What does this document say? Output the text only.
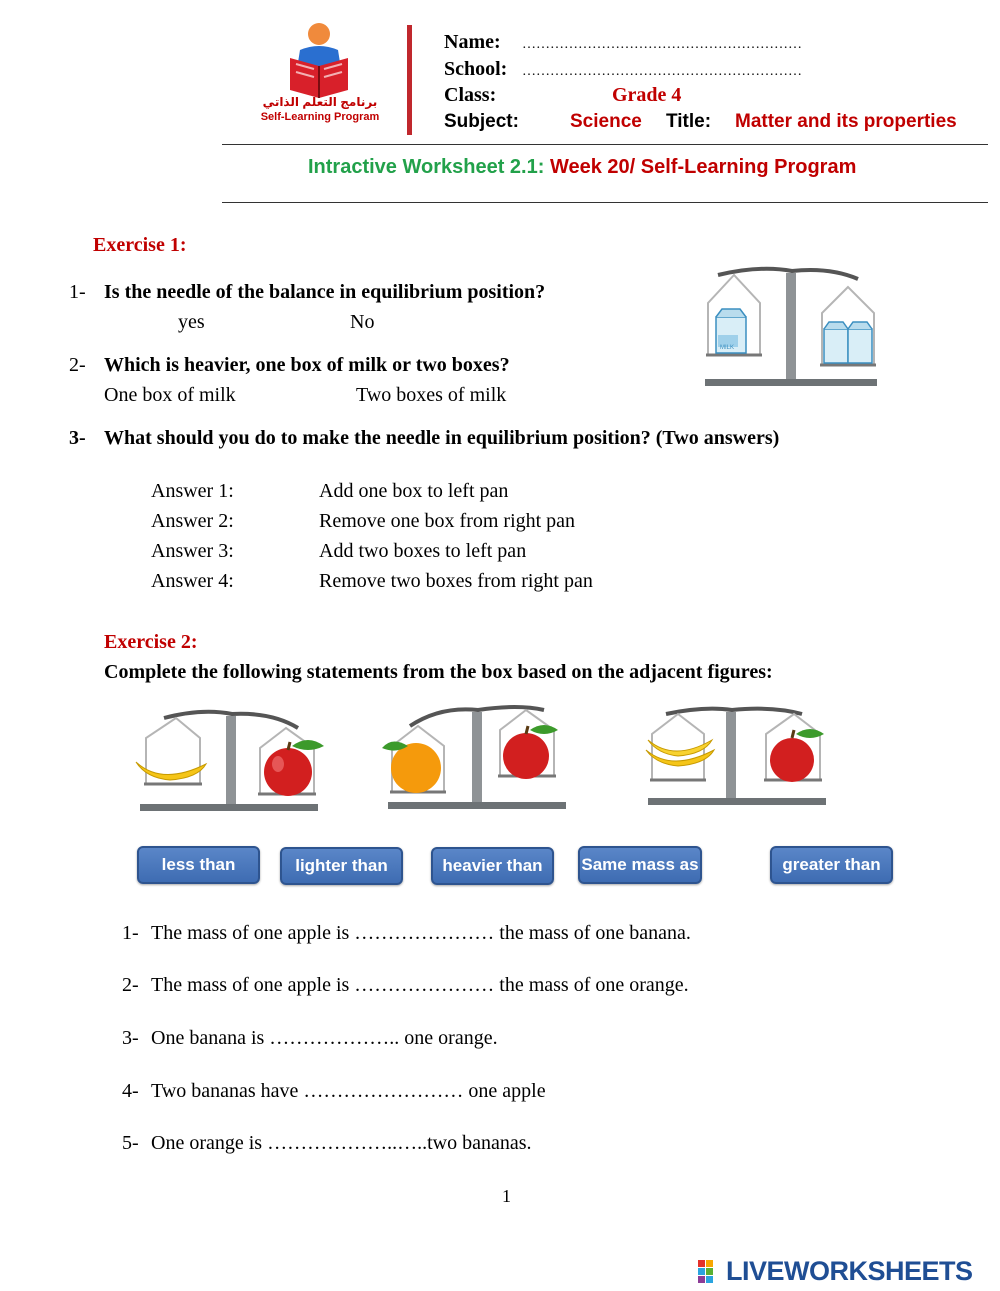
برنامج التعلم الذاتي
Self-Learning Program
Name: ……………………………………………………
School: ……………………………………………………
Class:	Grade 4
Subject:	Science Title: Matter and its properties
Intractive Worksheet 2.1: Week 20/ Self-Learning Program
Exercise 1:
1- Is the needle of the balance in equilibrium position?
yes	No
2- Which is heavier, one box of milk or two boxes?
One box of milk	Two boxes of milk
3- What should you do to make the needle in equilibrium position? (Two answers)
Answer 1:	Add one box to left pan
Answer 2:	Remove one box from right pan
Answer 3:	Add two boxes to left pan
Answer 4:	Remove two boxes from right pan
MILK
Exercise 2:
Complete the following statements from the box based on the adjacent figures:
less than	lighter than	heavier than	Same mass as	greater than
1- The mass of one apple is ………………… the mass of one banana.
2- The mass of one apple is ………………… the mass of one orange.
3- One banana is ……………….. one orange.
4- Two bananas have …………………… one apple
5- One orange is ………………..…..two bananas.
1
LIVEWORKSHEETS
